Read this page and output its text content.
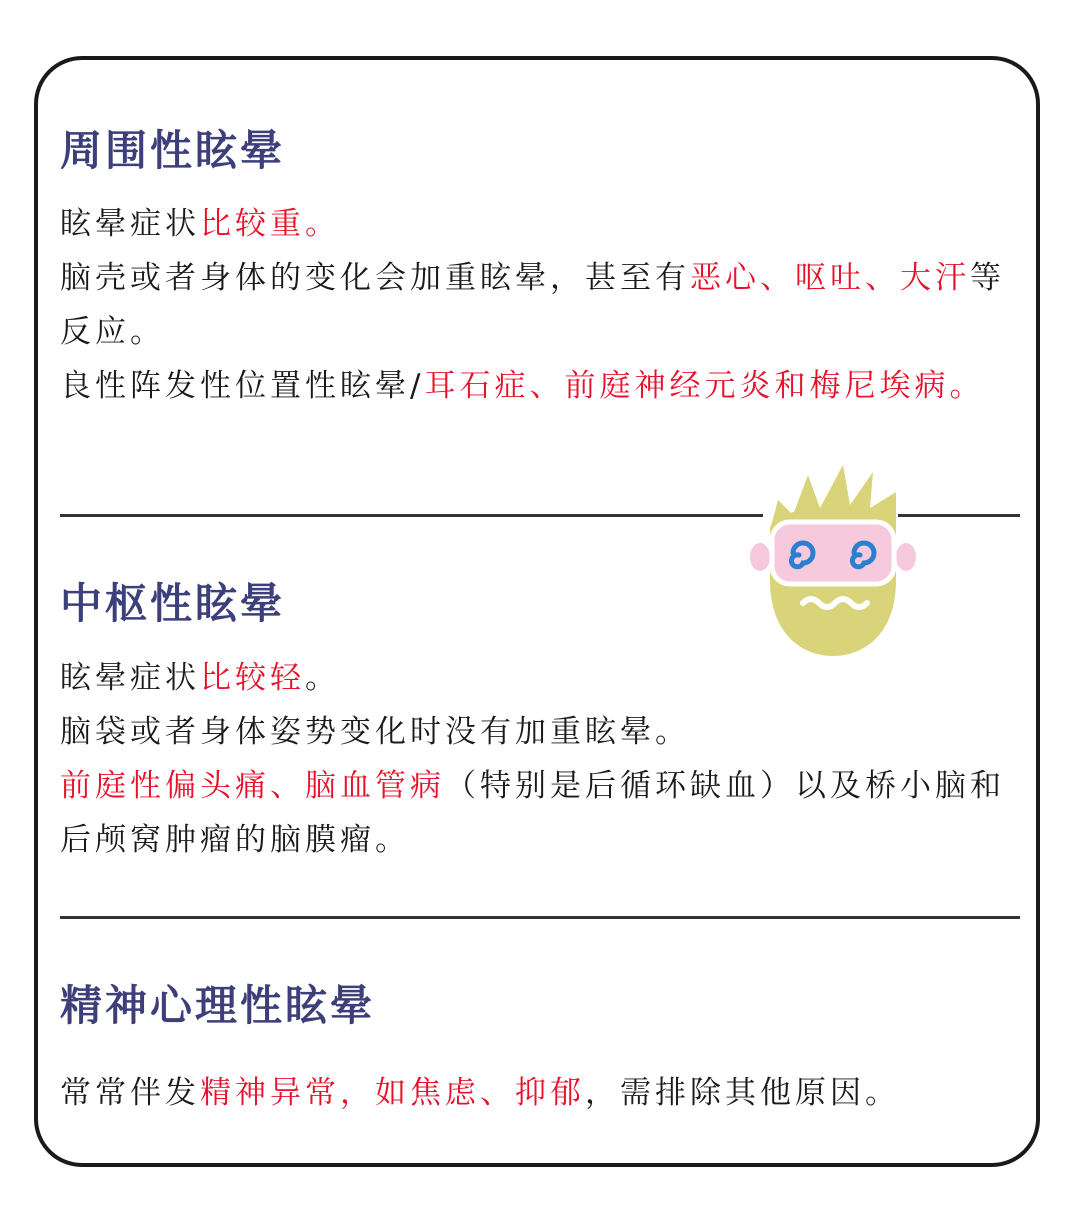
周围性眩晕

眩晕症状比较重。

脑壳或者身体的变化会加重眩晕，甚至有恶心、呕吐、大汗等反应。

良性阵发性位置性眩晕/耳石症、前庭神经元炎和梅尼埃病。

中枢性眩晕

眩晕症状比较轻。

脑袋或者身体姿势变化时没有加重眩晕。

前庭性偏头痛、脑血管病（特别是后循环缺血）以及桥小脑和后颅窝肿瘤的脑膜瘤。

精神心理性眩晕

常常伴发精神异常，如焦虑、抑郁，需排除其他原因。
